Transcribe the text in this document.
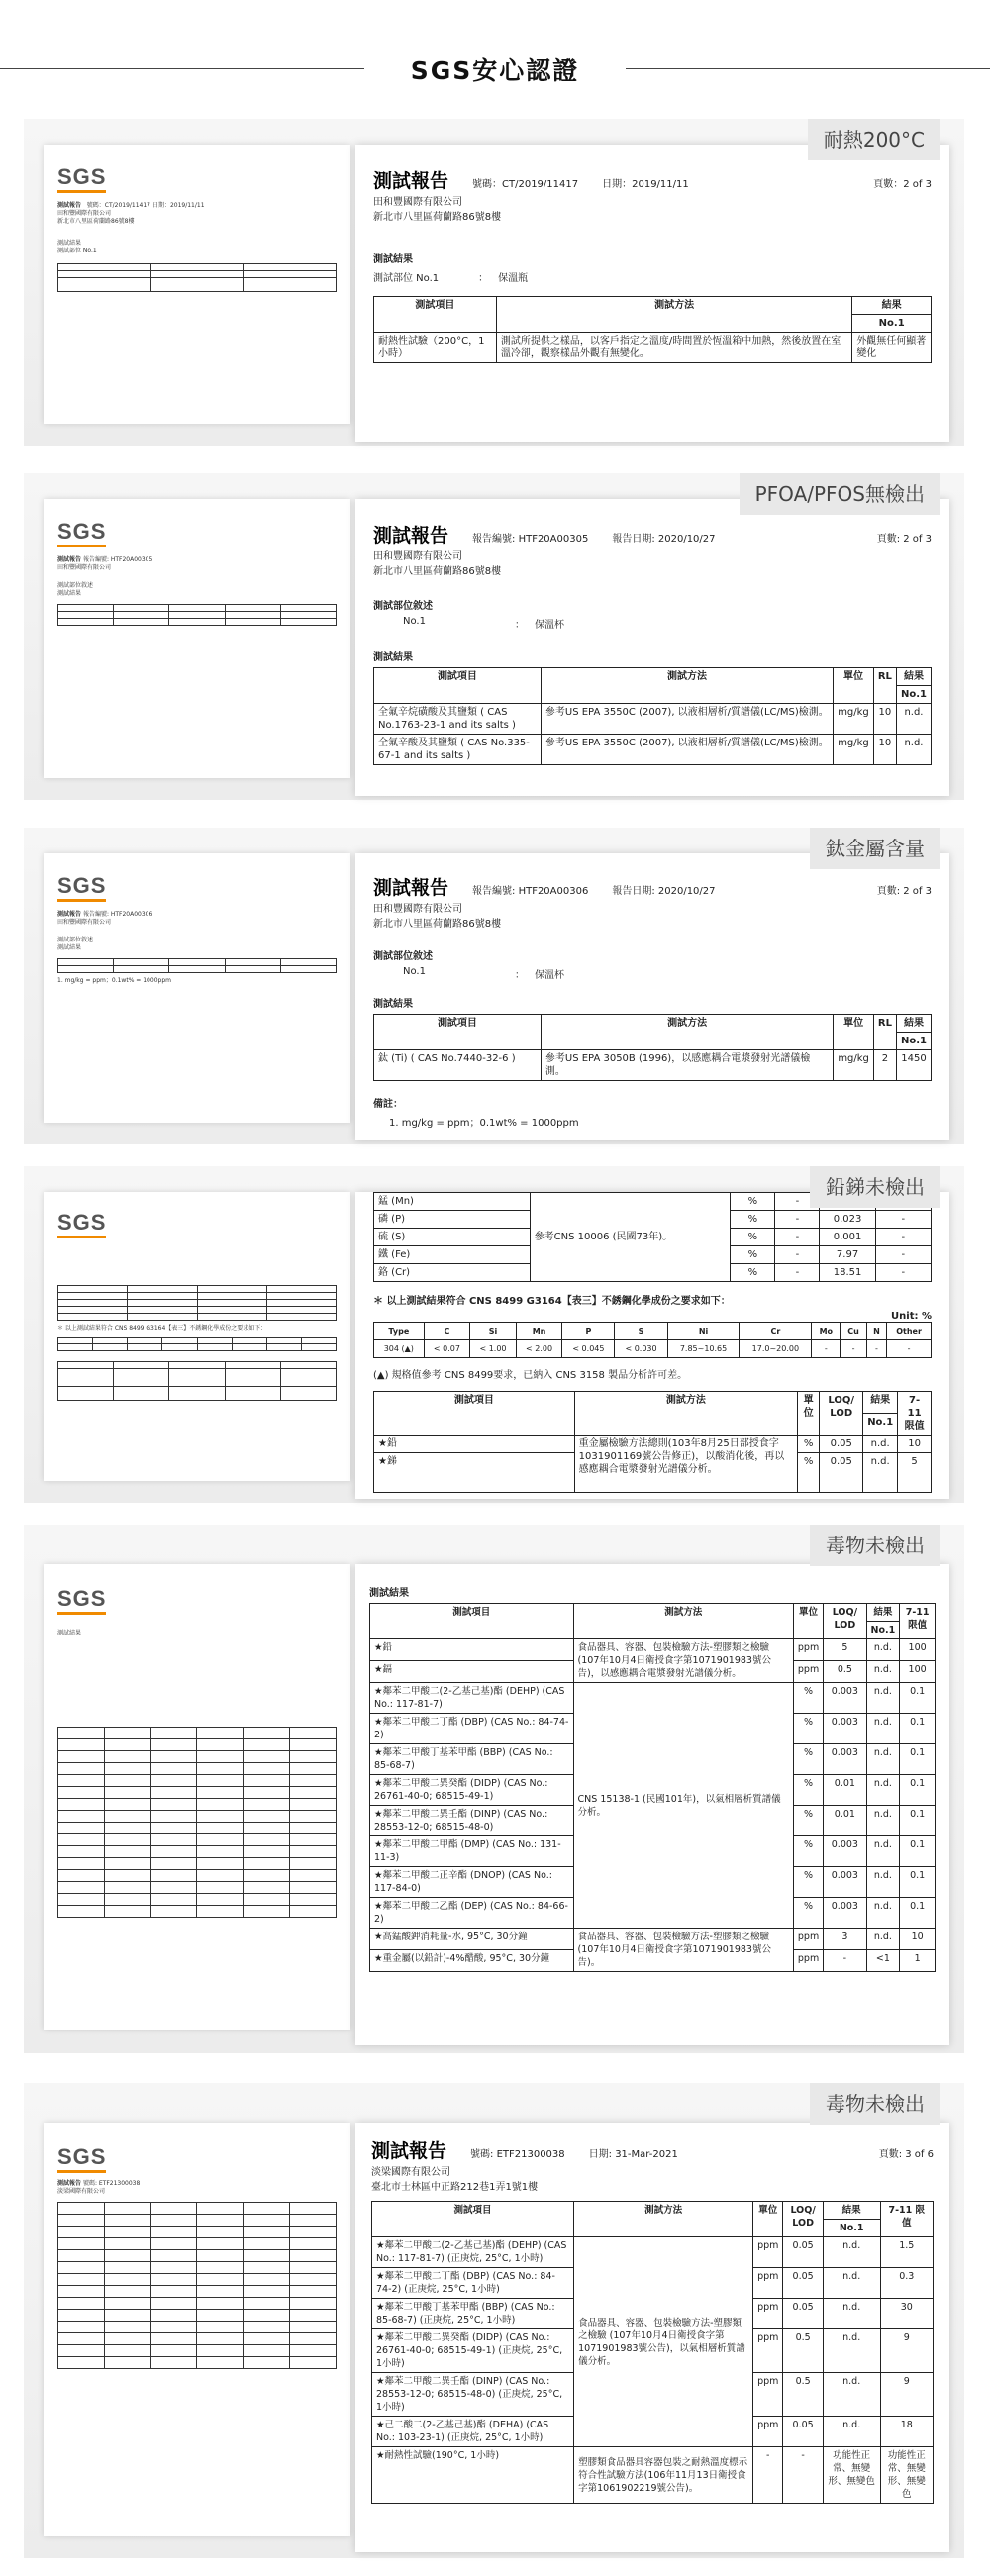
SGS安心認證
SGS
測試報告 號碼：CT/2019/11417 日期：2019/11/11
田和豐國際有限公司
新北市八里區荷蘭路86號8樓
測試結果
測試部位 No.1

測試報告 號碼：CT/2019/11417 日期：2019/11/11	頁數：2 of 3
田和豐國際有限公司
新北市八里區荷蘭路86號8樓
測試結果
測試部位 No.1	： 保溫瓶
測試項目	測試方法	結果
		No.1
耐熱性試驗（200°C，1 小時）	測試所提供之樣品，以客戶指定之溫度/時間置於恆溫箱中加熱，然後放置在室溫冷卻，觀察樣品外觀有無變化。	外觀無任何顯著變化
耐熱200°C
SGS
測試報告 報告編號: HTF20A00305
田和豐國際有限公司
測試部位敘述
測試結果

測試報告 報告編號: HTF20A00305 報告日期: 2020/10/27	頁數: 2 of 3
田和豐國際有限公司
新北市八里區荷蘭路86號8樓
測試部位敘述
No.1	： 保溫杯
測試結果
測試項目	測試方法	單位	RL	結果
				No.1
全氟辛烷磺酸及其鹽類 ( CAS No.1763-23-1 and its salts )	參考US EPA 3550C (2007), 以液相層析/質譜儀(LC/MS)檢測。	mg/kg	10	n.d.
全氟辛酸及其鹽類 ( CAS No.335-67-1 and its salts )	參考US EPA 3550C (2007), 以液相層析/質譜儀(LC/MS)檢測。	mg/kg	10	n.d.
PFOA/PFOS無檢出
SGS
測試報告 報告編號: HTF20A00306
田和豐國際有限公司
測試部位敘述
測試結果

1. mg/kg = ppm；0.1wt% = 1000ppm
測試報告 報告編號: HTF20A00306 報告日期: 2020/10/27	頁數: 2 of 3
田和豐國際有限公司
新北市八里區荷蘭路86號8樓
測試部位敘述
No.1	： 保溫杯
測試結果
測試項目	測試方法	單位	RL	結果
				No.1
鈦 (Ti) ( CAS No.7440-32-6 )	參考US EPA 3050B (1996)，以感應耦合電漿發射光譜儀檢測。	mg/kg	2	1450
備註：
1. mg/kg = ppm；0.1wt% = 1000ppm
鈦金屬含量
SGS

＊ 以上測試結果符合 CNS 8499 G3164【表三】不銹鋼化學成份之要求如下：

錳 (Mn)	參考CNS 10006 (民國73年)。	%	-		
磷 (P)		%	-	0.023	-
硫 (S)		%	-	0.001	-
鐵 (Fe)		%	-	7.97	-
鉻 (Cr)		%	-	18.51	-
＊ 以上測試結果符合 CNS 8499 G3164【表三】不銹鋼化學成份之要求如下：
Unit: %
Type	C	Si	Mn	P	S	Ni	Cr	Mo	Cu	N	Other
304 (▲)	< 0.07	< 1.00	< 2.00	< 0.045	< 0.030	7.85~10.65	17.0~20.00	-	-	-	-
(▲) 規格值參考 CNS 8499要求，已納入 CNS 3158 製品分析許可差。
測試項目	測試方法	單位	LOQ/ LOD	結果	7-11 限值
				No.1	
★鉛	重金屬檢驗方法總則(103年8月25日部授食字1031901169號公告修正)，以酸消化後，再以感應耦合電漿發射光譜儀分析。	%	0.05	n.d.	10
★銻		%	0.05	n.d.	5
鉛銻未檢出
SGS
測試結果

測試結果
測試項目	測試方法	單位	LOQ/ LOD	結果	7-11 限值
				No.1	
★鉛	食品器具、容器、包裝檢驗方法-塑膠類之檢驗 (107年10月4日衛授食字第1071901983號公告)，以感應耦合電漿發射光譜儀分析。	ppm	5	n.d.	100
★鎘		ppm	0.5	n.d.	100
★鄰苯二甲酸二(2-乙基己基)酯 (DEHP) (CAS No.: 117-81-7)	CNS 15138-1 (民國101年)，以氣相層析質譜儀分析。	%	0.003	n.d.	0.1
★鄰苯二甲酸二丁酯 (DBP) (CAS No.: 84-74-2)		%	0.003	n.d.	0.1
★鄰苯二甲酸丁基苯甲酯 (BBP) (CAS No.: 85-68-7)		%	0.003	n.d.	0.1
★鄰苯二甲酸二異癸酯 (DIDP) (CAS No.: 26761-40-0; 68515-49-1)		%	0.01	n.d.	0.1
★鄰苯二甲酸二異壬酯 (DINP) (CAS No.: 28553-12-0; 68515-48-0)		%	0.01	n.d.	0.1
★鄰苯二甲酸二甲酯 (DMP) (CAS No.: 131-11-3)		%	0.003	n.d.	0.1
★鄰苯二甲酸二正辛酯 (DNOP) (CAS No.: 117-84-0)		%	0.003	n.d.	0.1
★鄰苯二甲酸二乙酯 (DEP) (CAS No.: 84-66-2)		%	0.003	n.d.	0.1
★高錳酸鉀消耗量-水, 95°C, 30分鐘	食品器具、容器、包裝檢驗方法-塑膠類之檢驗 (107年10月4日衛授食字第1071901983號公告)。	ppm	3	n.d.	10
★重金屬(以鉛計)-4%醋酸, 95°C, 30分鐘		ppm	-	<1	1
毒物未檢出
SGS
測試報告 號碼: ETF21300038
淡梁國際有限公司

測試報告 號碼: ETF21300038 日期: 31-Mar-2021	頁數: 3 of 6
淡梁國際有限公司
臺北市士林區中正路212巷1弄1號1樓
測試項目	測試方法	單位	LOQ/ LOD	結果	7-11 限值
				No.1	
★鄰苯二甲酸二(2-乙基己基)酯 (DEHP) (CAS No.: 117-81-7) (正庚烷, 25°C, 1小時)	食品器具、容器、包裝檢驗方法-塑膠類之檢驗 (107年10月4日衛授食字第1071901983號公告)，以氣相層析質譜儀分析。	ppm	0.05	n.d.	1.5
★鄰苯二甲酸二丁酯 (DBP) (CAS No.: 84-74-2) (正庚烷, 25°C, 1小時)		ppm	0.05	n.d.	0.3
★鄰苯二甲酸丁基苯甲酯 (BBP) (CAS No.: 85-68-7) (正庚烷, 25°C, 1小時)		ppm	0.05	n.d.	30
★鄰苯二甲酸二異癸酯 (DIDP) (CAS No.: 26761-40-0; 68515-49-1) (正庚烷, 25°C, 1小時)		ppm	0.5	n.d.	9
★鄰苯二甲酸二異壬酯 (DINP) (CAS No.: 28553-12-0; 68515-48-0) (正庚烷, 25°C, 1小時)		ppm	0.5	n.d.	9
★己二酸二(2-乙基己基)酯 (DEHA) (CAS No.: 103-23-1) (正庚烷, 25°C, 1小時)		ppm	0.05	n.d.	18
★耐熱性試驗(190°C, 1小時)	塑膠類食品器具容器包裝之耐熱溫度標示符合性試驗方法(106年11月13日衛授食字第1061902219號公告)。	-	-	功能性正常、無變形、無變色	功能性正常、無變形、無變色
毒物未檢出
